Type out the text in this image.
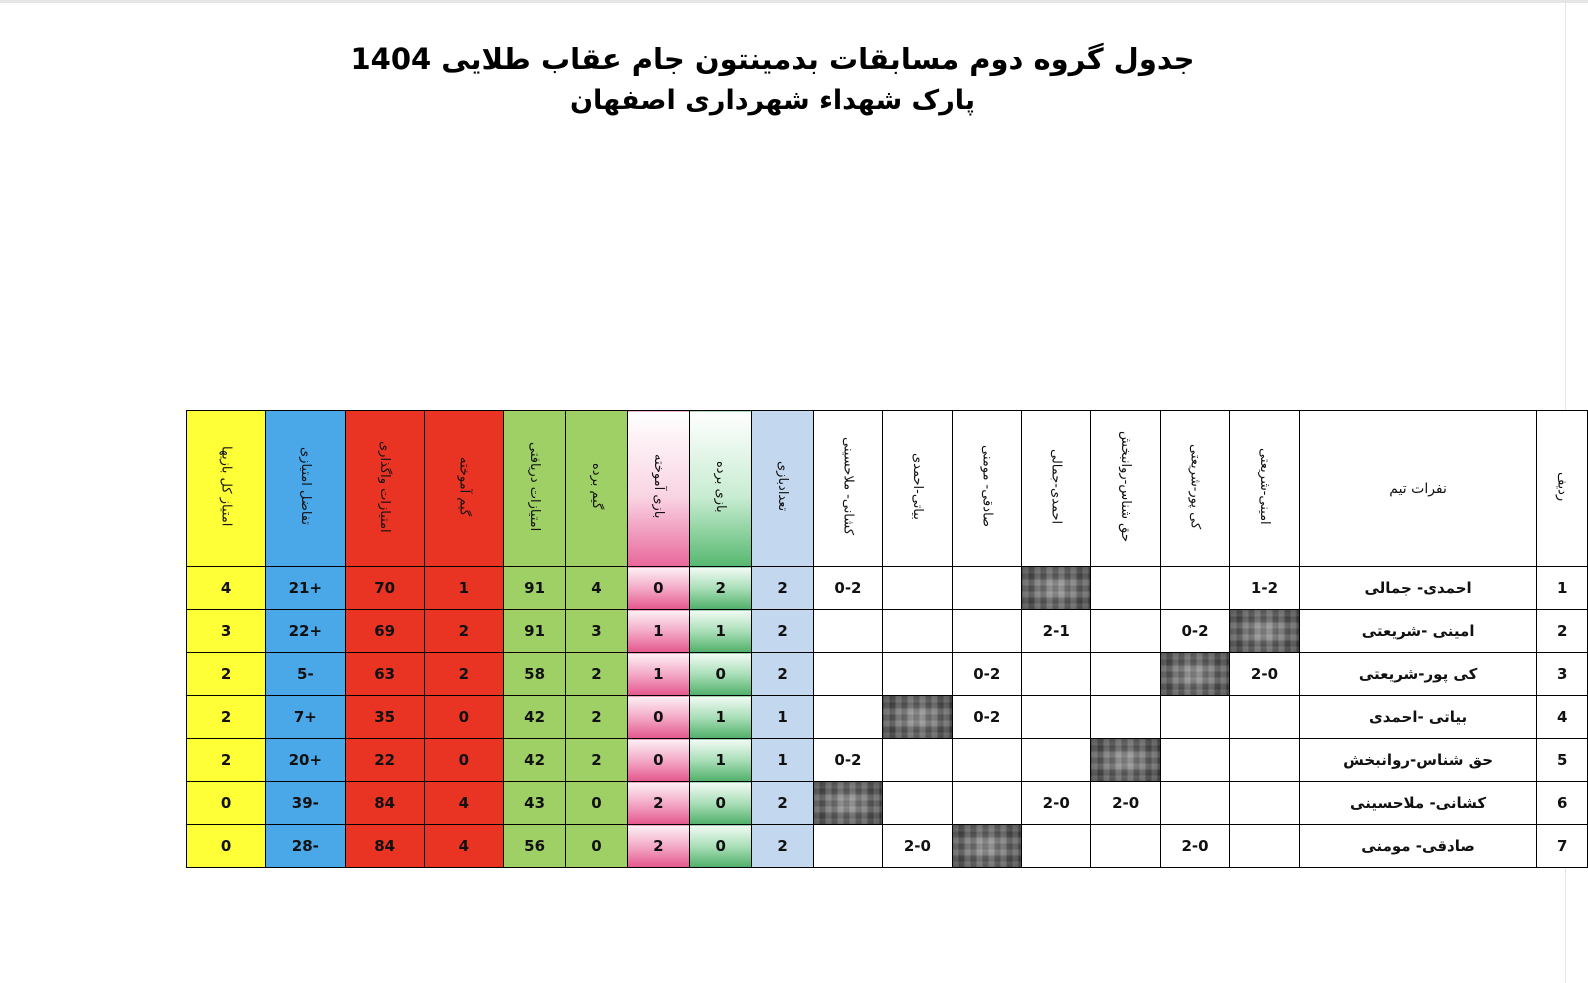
جدول گروه دوم مسابقات بدمینتون جام عقاب طلایی 1404
پارک شهداء شهرداری اصفهان
ردیف	نفرات تیم	امینی-شریعتی	کی پور-شریعتی	حق شناس-روانبخش	احمدی-جمالی	صادقی- مومنی	بیاتی-احمدی	کشانی- ملاحسینی	تعدادبازی	بازی برده	بازی آموخته	گیم برده	امتیازات دریافتی	گیم آموخته	امتیازات واگذاری	تفاضل امتیازی	امتیاز کل بازیها
1	احمدی- جمالی	1-2						0-2	2	2	0	4	91	1	70	+21	4
2	امینی -شریعتی		0-2		2-1				2	1	1	3	91	2	69	+22	3
3	کی پور-شریعتی	2-0				0-2			2	0	1	2	58	2	63	-5	2
4	بیاتی -احمدی					0-2			1	1	0	2	42	0	35	+7	2
5	حق شناس-روانبخش							0-2	1	1	0	2	42	0	22	+20	2
6	کشانی- ملاحسینی			2-0	2-0				2	0	2	0	43	4	84	-39	0
7	صادقی- مومنی		2-0				2-0		2	0	2	0	56	4	84	-28	0
